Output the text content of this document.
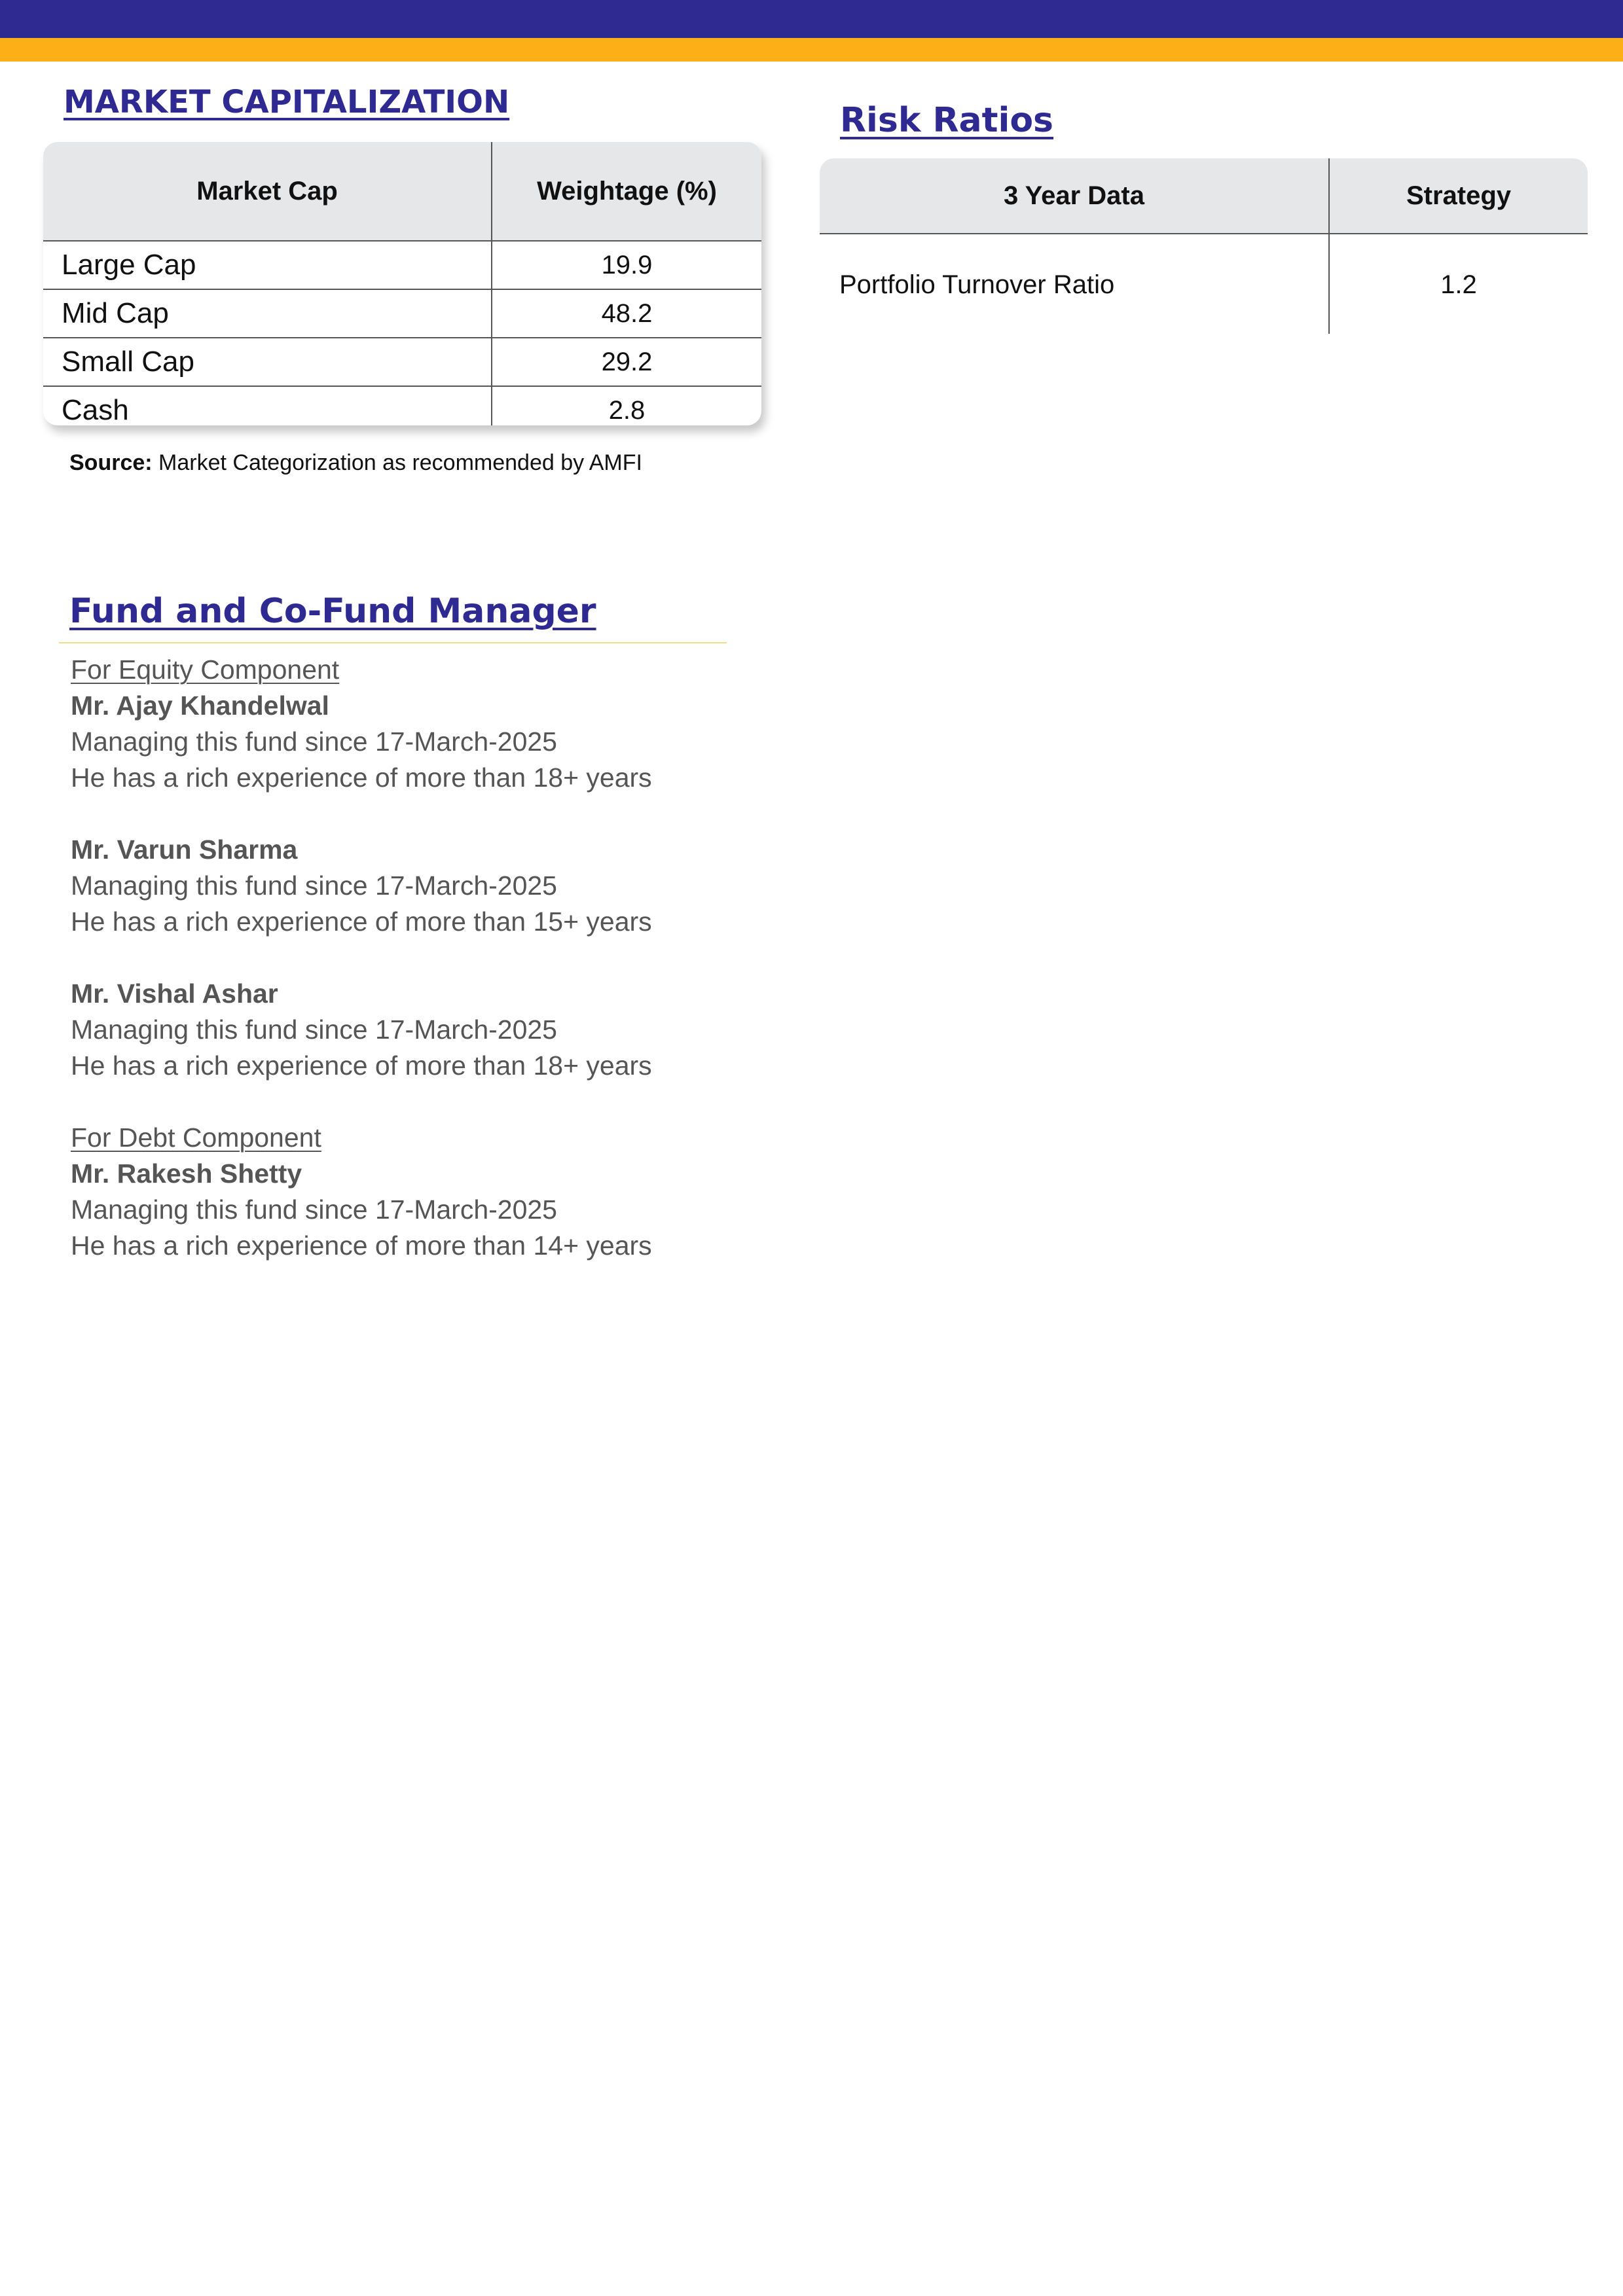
MARKET CAPITALIZATION
Market Cap	Weightage (%)
Large Cap	19.9
Mid Cap	48.2
Small Cap	29.2
Cash	2.8

Source: Market Categorization as recommended by AMFI

Risk Ratios
3 Year Data	Strategy
Portfolio Turnover Ratio	1.2
Fund and Co-Fund Manager
For Equity Component
Mr. Ajay Khandelwal
Managing this fund since 17-March-2025
He has a rich experience of more than 18+ years
Mr. Varun Sharma
Managing this fund since 17-March-2025
He has a rich experience of more than 15+ years
Mr. Vishal Ashar
Managing this fund since 17-March-2025
He has a rich experience of more than 18+ years
For Debt Component
Mr. Rakesh Shetty
Managing this fund since 17-March-2025
He has a rich experience of more than 14+ years
